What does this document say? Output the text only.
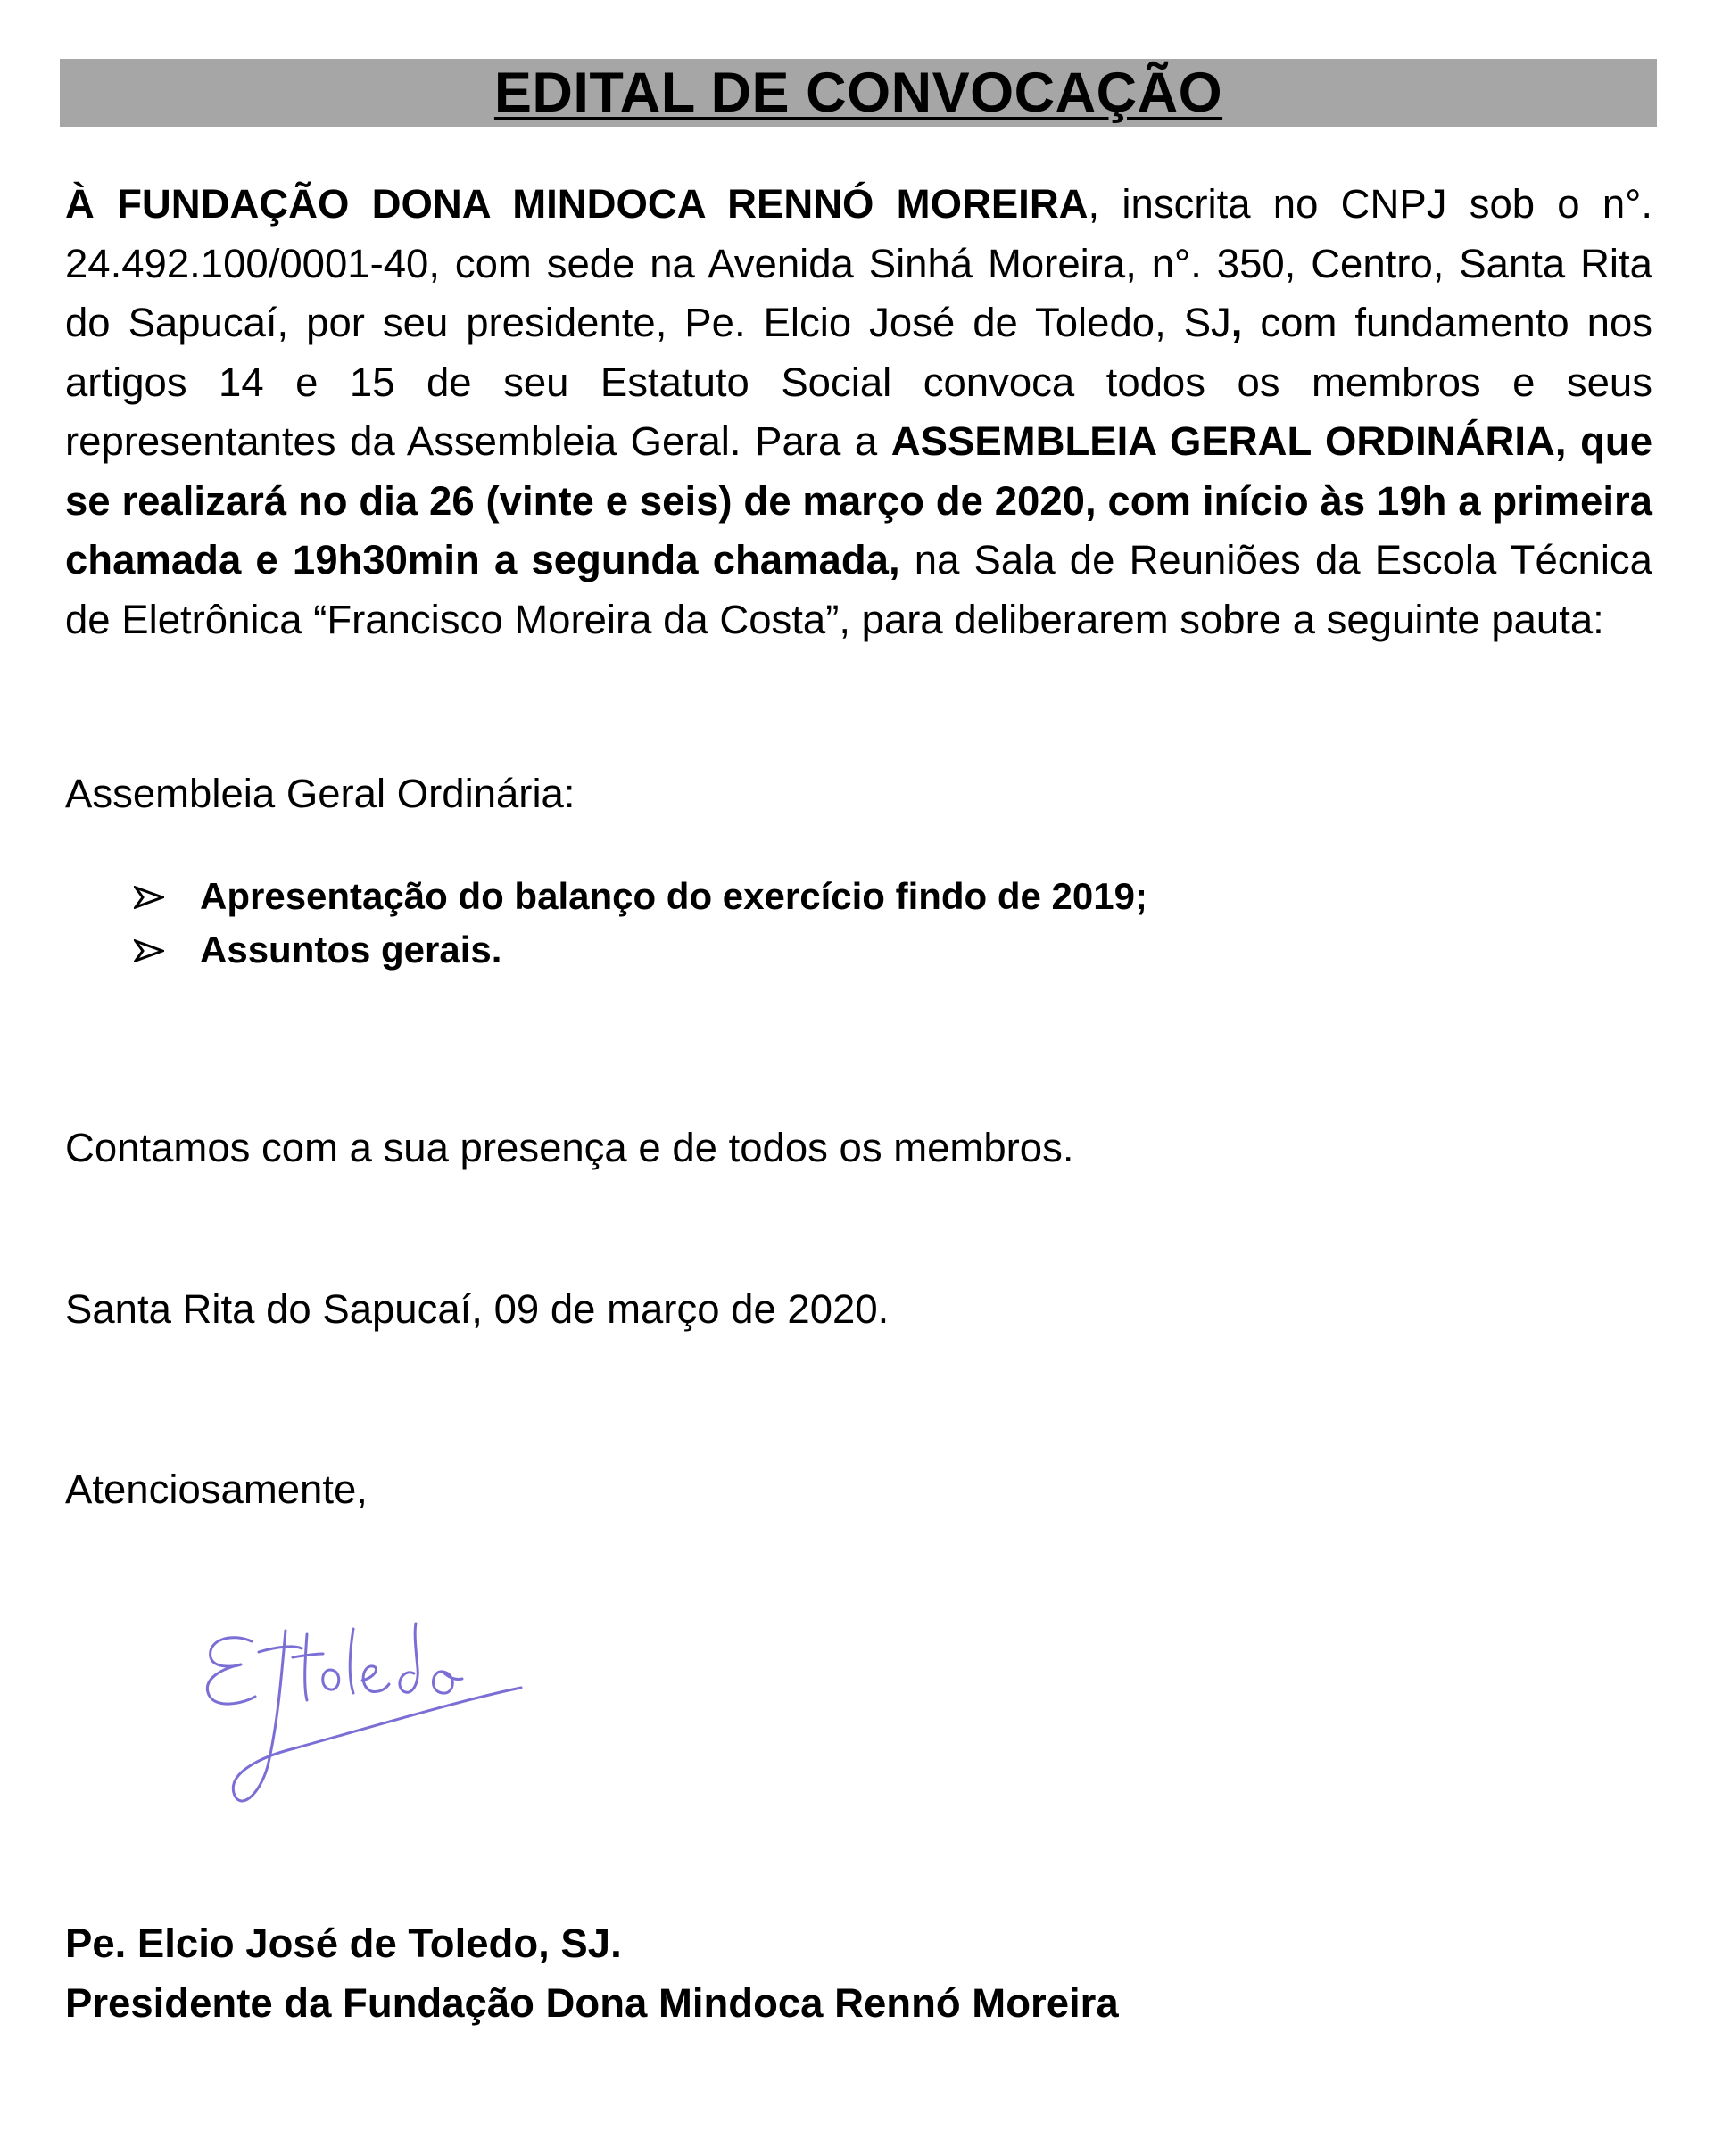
EDITAL DE CONVOCAÇÃO

À FUNDAÇÃO DONA MINDOCA RENNÓ MOREIRA, inscrita no CNPJ sob o n°. 24.492.100/0001-40, com sede na Avenida Sinhá Moreira, n°. 350, Centro, Santa Rita do Sapucaí, por seu presidente, Pe. Elcio José de Toledo, SJ, com fundamento nos artigos 14 e 15 de seu Estatuto Social convoca todos os membros e seus representantes da Assembleia Geral. Para a ASSEMBLEIA GERAL ORDINÁRIA, que se realizará no dia 26 (vinte e seis) de março de 2020, com início às 19h a primeira chamada e 19h30min a segunda chamada, na Sala de Reuniões da Escola Técnica de Eletrônica “Francisco Moreira da Costa”, para deliberarem sobre a seguinte pauta:

Assembleia Geral Ordinária:

Apresentação do balanço do exercício findo de 2019;
Assuntos gerais.

Contamos com a sua presença e de todos os membros.

Santa Rita do Sapucaí, 09 de março de 2020.

Atenciosamente,

Pe. Elcio José de Toledo, SJ.

Presidente da Fundação Dona Mindoca Rennó Moreira
